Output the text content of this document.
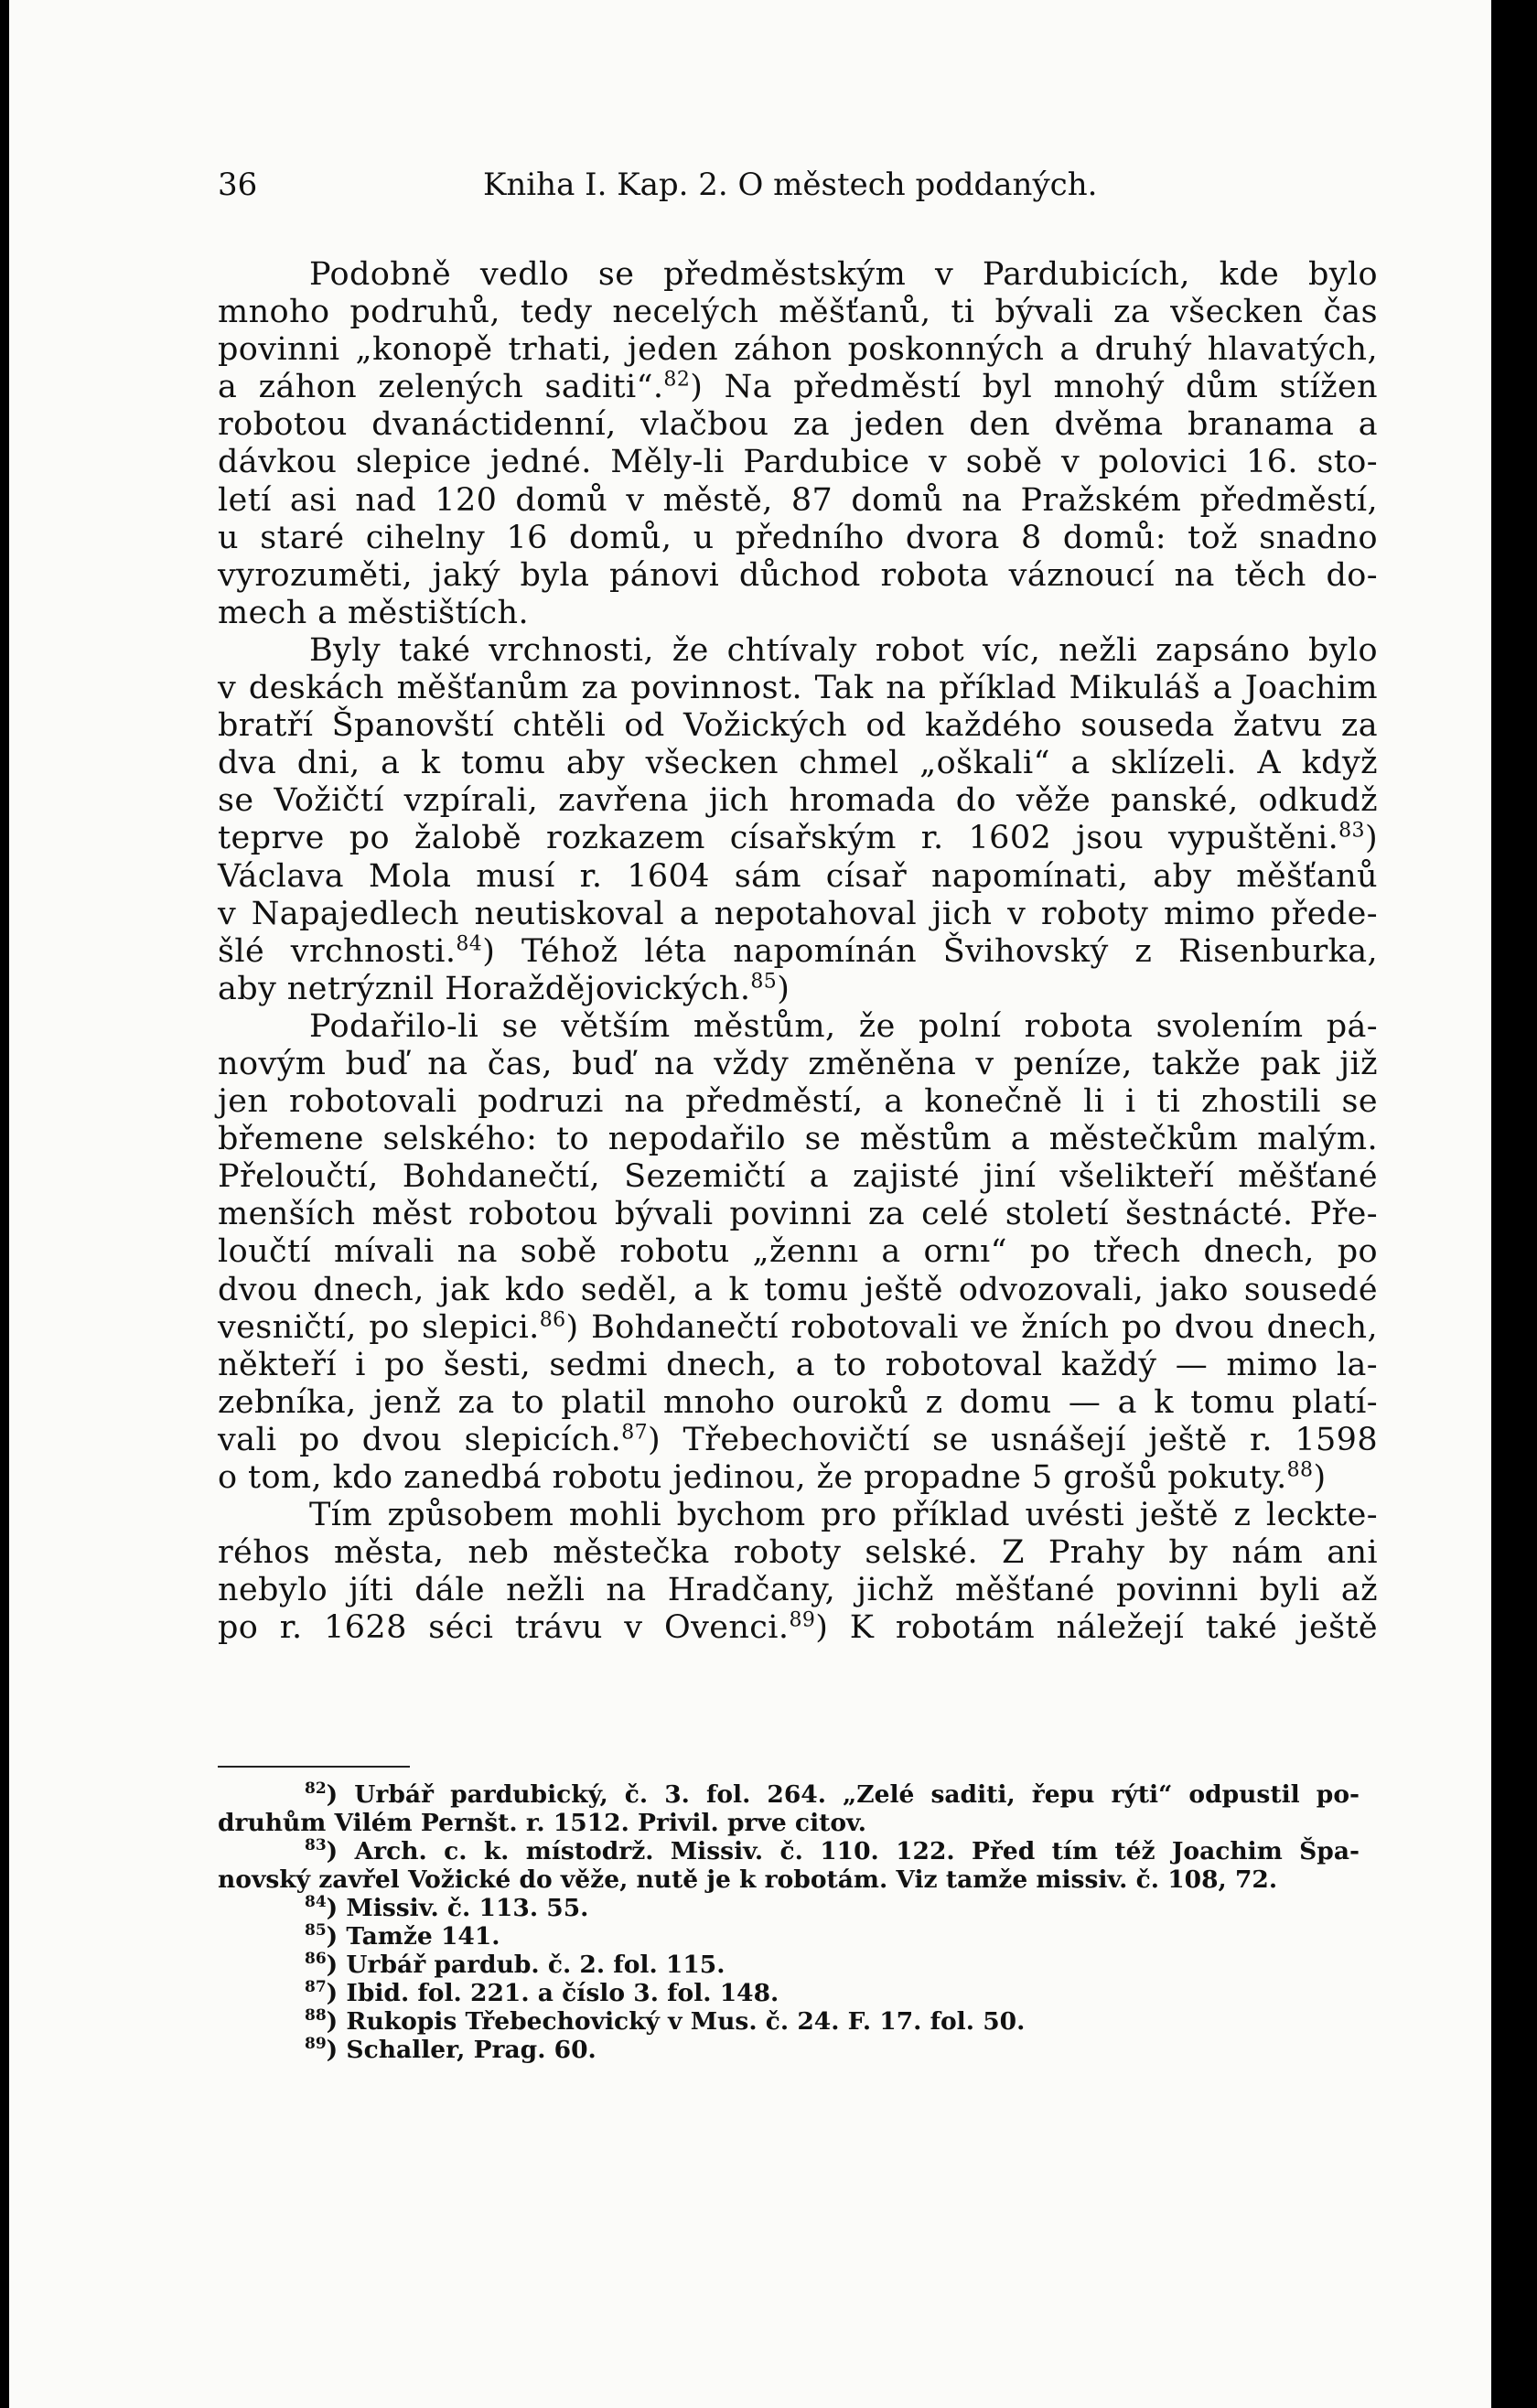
36	Kniha I. Kap. 2. O městech poddaných.
Podobně vedlo se předměstským v Pardubicích, kde bylo
mnoho podruhů, tedy necelých měšťanů, ti bývali za všecken čas
povinni „konopě trhati, jeden záhon poskonných a druhý hlavatých,
a záhon zelených saditi“.$^{82}$) Na předměstí byl mnohý dům stížen
robotou dvanáctidenní, vlačbou za jeden den dvěma branama a
dávkou slepice jedné. Měly-li Pardubice v sobě v polovici 16. sto-
letí asi nad 120 domů v městě, 87 domů na Pražském předměstí,
u staré cihelny 16 domů, u předního dvora 8 domů: tož snadno
vyrozuměti, jaký byla pánovi důchod robota váznoucí na těch do-
mech a městištích.
Byly také vrchnosti, že chtívaly robot víc, nežli zapsáno bylo
v deskách měšťanům za povinnost. Tak na příklad Mikuláš a Joachim
bratří Španovští chtěli od Vožických od každého souseda žatvu za
dva dni, a k tomu aby všecken chmel „oškali“ a sklízeli. A když
se Vožičtí vzpírali, zavřena jich hromada do věže panské, odkudž
teprve po žalobě rozkazem císařským r. 1602 jsou vypuštěni.$^{83}$)
Václava Mola musí r. 1604 sám císař napomínati, aby měšťanů
v Napajedlech neutiskoval a nepotahoval jich v roboty mimo přede-
šlé vrchnosti.$^{84}$) Téhož léta napomínán Švihovský z Risenburka,
aby netrýznil Horaždějovických.$^{85}$)
Podařilo-li se větším městům, že polní robota svolením pá-
novým buď na čas, buď na vždy změněna v peníze, takže pak již
jen robotovali podruzi na předměstí, a konečně li i ti zhostili se
břemene selského: to nepodařilo se městům a městečkům malým.
Přeloučtí, Bohdanečtí, Sezemičtí a zajisté jiní všelikteří měšťané
menších měst robotou bývali povinni za celé století šestnácté. Pře-
loučtí mívali na sobě robotu „žennı a ornı“ po třech dnech, po
dvou dnech, jak kdo seděl, a k tomu ještě odvozovali, jako sousedé
vesničtí, po slepici.$^{86}$) Bohdanečtí robotovali ve žních po dvou dnech,
někteří i po šesti, sedmi dnech, a to robotoval každý — mimo la-
zebníka, jenž za to platil mnoho ouroků z domu — a k tomu platí-
vali po dvou slepicích.$^{87}$) Třebechovičtí se usnášejí ještě r. 1598
o tom, kdo zanedbá robotu jedinou, že propadne 5 grošů pokuty.$^{88}$)
Tím způsobem mohli bychom pro příklad uvésti ještě z leckte-
réhos města, neb městečka roboty selské. Z Prahy by nám ani
nebylo jíti dále nežli na Hradčany, jichž měšťané povinni byli až
po r. 1628 séci trávu v Ovenci.$^{89}$) K robotám náležejí také ještě
$^{82}$) Urbář pardubický, č. 3. fol. 264. „Zelé saditi, řepu rýti“ odpustil po-
druhům Vilém Pernšt. r. 1512. Privil. prve citov.
$^{83}$) Arch. c. k. místodrž. Missiv. č. 110. 122. Před tím též Joachim Špa-
novský zavřel Vožické do věže, nutě je k robotám. Viz tamže missiv. č. 108, 72.
$^{84}$) Missiv. č. 113. 55.
$^{85}$) Tamže 141.
$^{86}$) Urbář pardub. č. 2. fol. 115.
$^{87}$) Ibid. fol. 221. a číslo 3. fol. 148.
$^{88}$) Rukopis Třebechovický v Mus. č. 24. F. 17. fol. 50.
$^{89}$) Schaller, Prag. 60.
